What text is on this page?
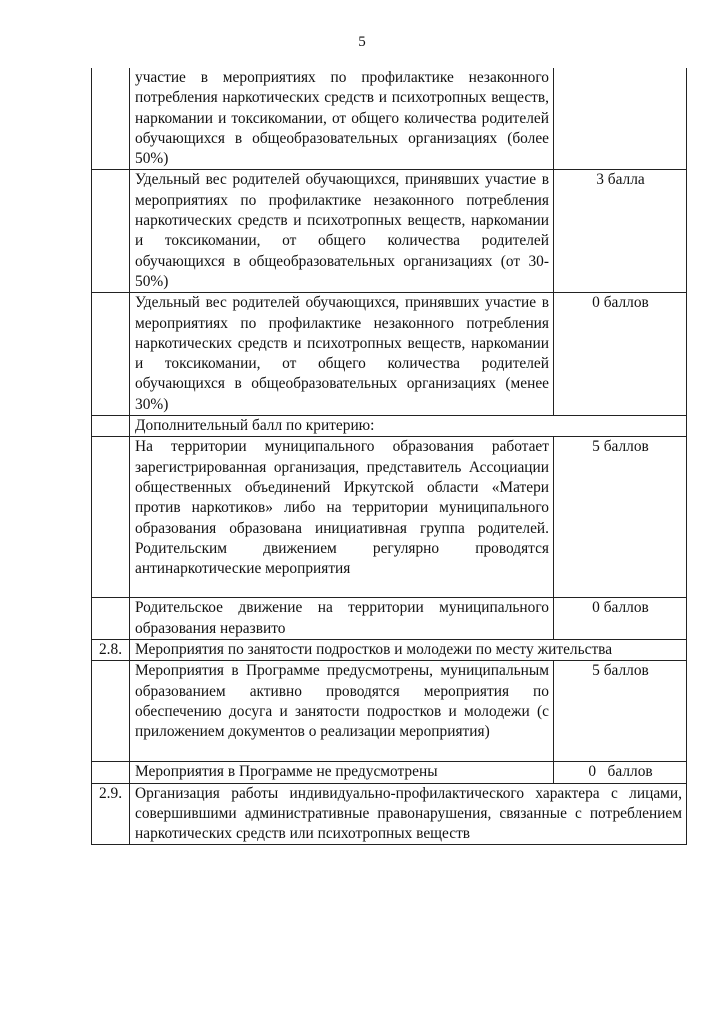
5
	участие в мероприятиях по профилактике незаконного потребления наркотических средств и психотропных веществ, наркомании и токсикомании, от общего количества родителей обучающихся в общеобразовательных организациях (более 50%)	
	Удельный вес родителей обучающихся, принявших участие в мероприятиях по профилактике незаконного потребления наркотических средств и психотропных веществ, наркомании и токсикомании, от общего количества родителей обучающихся в общеобразовательных организациях (от 30-50%)	3 балла
	Удельный вес родителей обучающихся, принявших участие в мероприятиях по профилактике незаконного потребления наркотических средств и психотропных веществ, наркомании и токсикомании, от общего количества родителей обучающихся в общеобразовательных организациях (менее 30%)	0 баллов
	Дополнительный балл по критерию:	
	На территории муниципального образования работает зарегистрированная организация, представитель Ассоциации общественных объединений Иркутской области «Матери против наркотиков» либо на территории муниципального образования образована инициативная группа родителей. Родительским движением регулярно проводятся антинаркотические мероприятия	5 баллов
	Родительское движение на территории муниципального образования неразвито	0 баллов
2.8.	Мероприятия по занятости подростков и молодежи по месту жительства	
	Мероприятия в Программе предусмотрены, муниципальным образованием активно проводятся мероприятия по обеспечению досуга и занятости подростков и молодежи (с приложением документов о реализации мероприятия)	5 баллов
	Мероприятия в Программе не предусмотрены	0   баллов
2.9.	Организация работы индивидуально-профилактического характера с лицами, совершившими административные правонарушения, связанные с потреблением наркотических средств или психотропных веществ	
